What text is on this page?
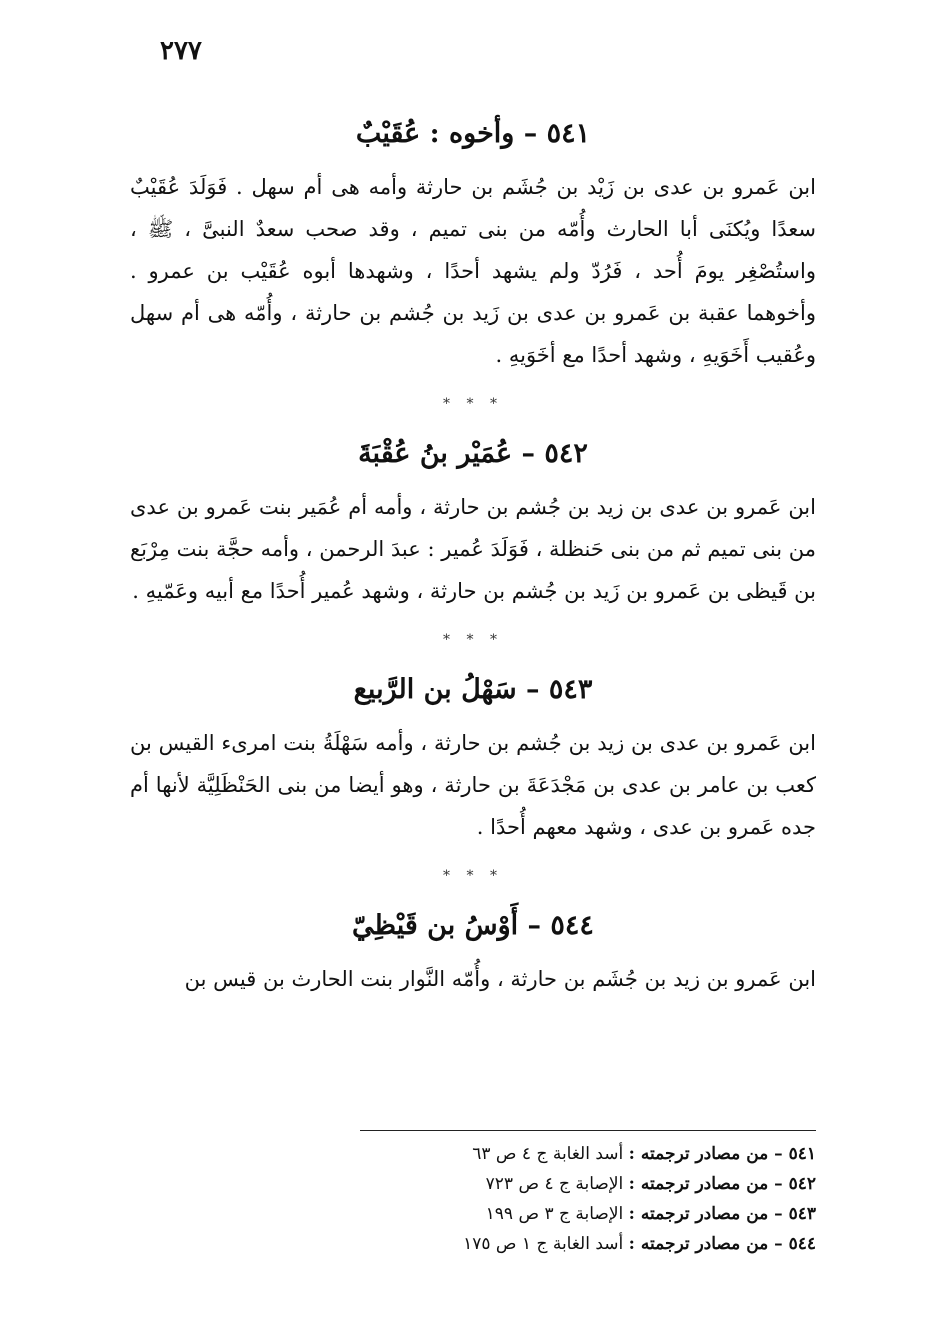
٢٧٧
٥٤١ – وأخوه : عُقَيْبٌ

ابن عَمرو بن عدى بن زَيْد بن جُشَم بن حارثة وأمه هى أم سهل . فَوَلَدَ عُقَيْبٌ سعدًا ويُكنَى أبا الحارث وأُمّه من بنى تميم ، وقد صحب سعدٌ النبىَّ ، ﷺ ، واستُصْغِر يومَ أُحد ، فَرُدّ ولم يشهد أحدًا ، وشهدها أبوه عُقَيْب بن عمرو . وأخوهما عقبة بن عَمرو بن عدى بن زَيد بن جُشم بن حارثة ، وأُمّه هى أم سهل وعُقيب أَخَوَيهِ ، وشهد أحدًا مع أخَوَيهِ .

* * *
٥٤٢ – عُمَيْر بنُ عُقْبَةَ

ابن عَمرو بن عدى بن زيد بن جُشم بن حارثة ، وأمه أم عُمَير بنت عَمرو بن عدى من بنى تميم ثم من بنى حَنظلة ، فَوَلَدَ عُمير : عبدَ الرحمن ، وأمه حجَّة بنت مِرْبَع بن قَيظى بن عَمرو بن زَيد بن جُشم بن حارثة ، وشهد عُمير أُحدًا مع أبيه وعَمّيهِ .

* * *
٥٤٣ – سَهْلُ بن الرَّبيع

ابن عَمرو بن عدى بن زيد بن جُشم بن حارثة ، وأمه سَهْلَةُ بنت امرىء القيس بن كعب بن عامر بن عدى بن مَجْدَعَةَ بن حارثة ، وهو أيضا من بنى الحَنْظَلِيَّة لأنها أم جده عَمرو بن عدى ، وشهد معهم أُحدًا .

* * *
٥٤٤ – أَوْسُ بن قَيْظِيّ

ابن عَمرو بن زيد بن جُشَم بن حارثة ، وأُمّه النَّوار بنت الحارث بن قيس بن

٥٤١ – من مصادر ترجمته : أسد الغابة ج ٤ ص ٦٣
٥٤٢ – من مصادر ترجمته : الإصابة ج ٤ ص ٧٢٣
٥٤٣ – من مصادر ترجمته : الإصابة ج ٣ ص ١٩٩
٥٤٤ – من مصادر ترجمته : أسد الغابة ج ١ ص ١٧٥
